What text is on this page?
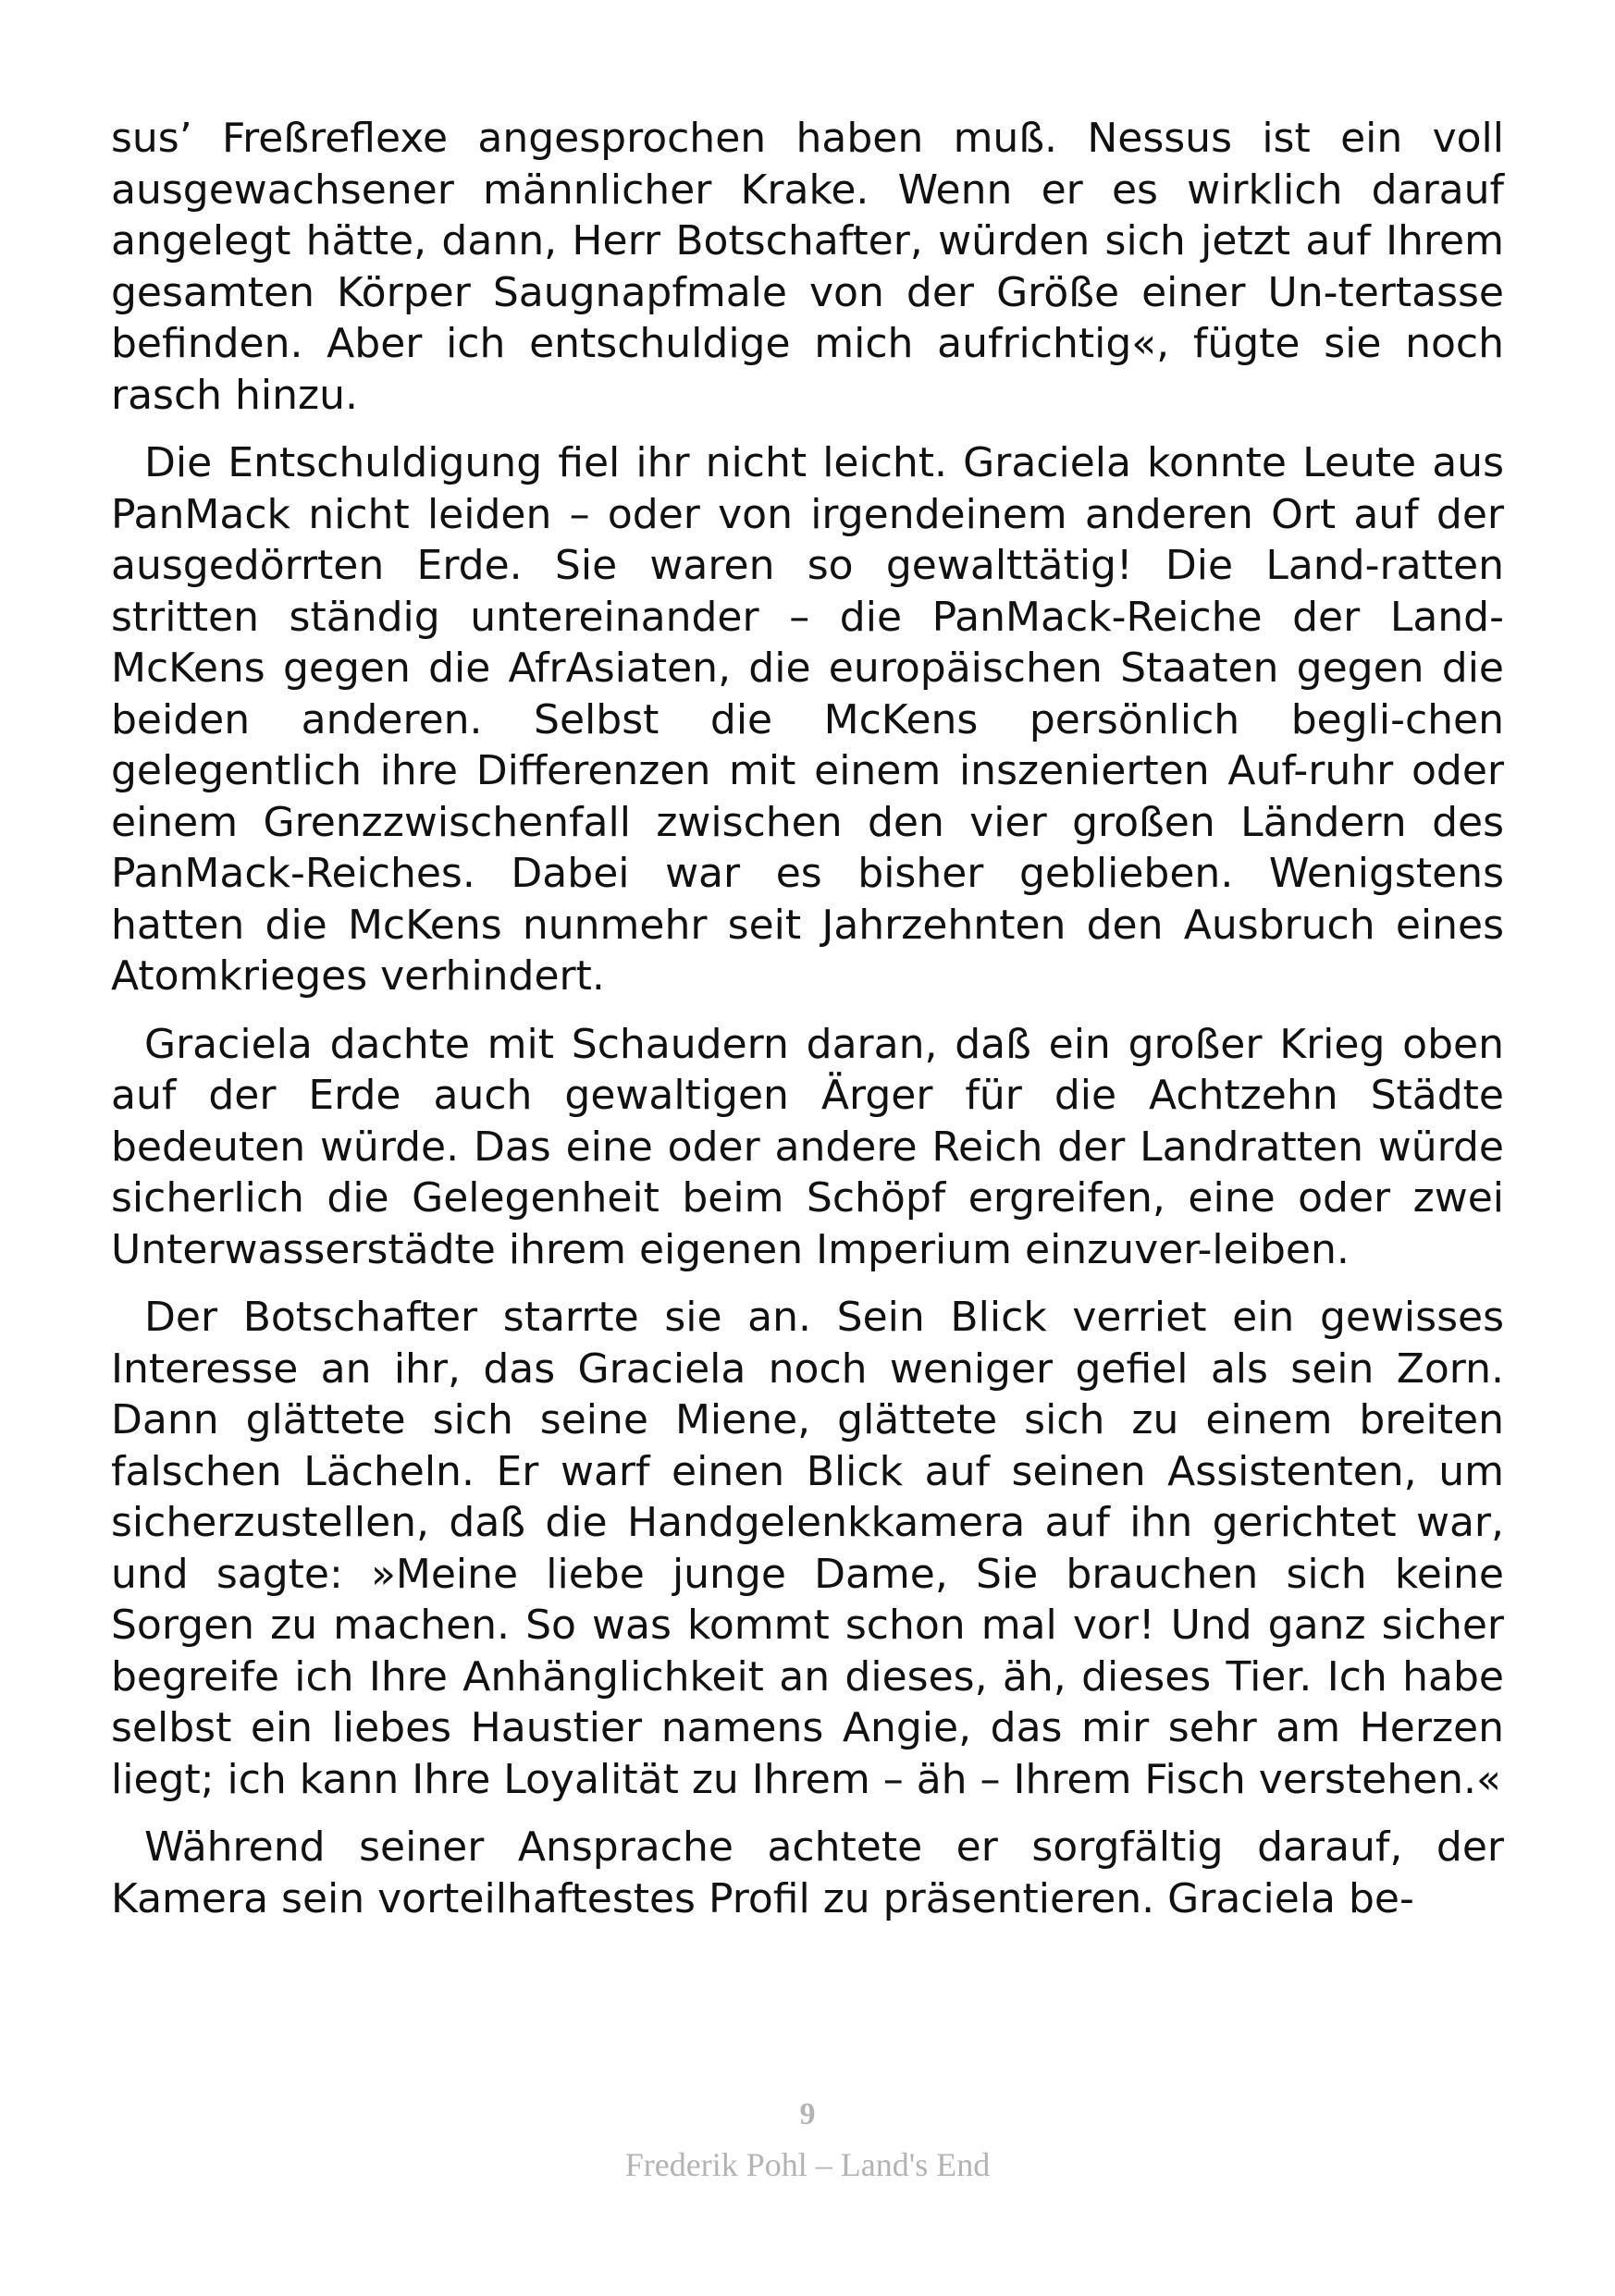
sus’ Freßreflexe angesprochen haben muß. Nessus ist ein voll ausgewachsener männlicher Krake. Wenn er es wirklich darauf angelegt hätte, dann, Herr Botschafter, würden sich jetzt auf Ihrem gesamten Körper Saugnapfmale von der Größe einer Un-tertasse befinden. Aber ich entschuldige mich aufrichtig«, fügte sie noch rasch hinzu.

Die Entschuldigung fiel ihr nicht leicht. Graciela konnte Leute aus PanMack nicht leiden – oder von irgendeinem anderen Ort auf der ausgedörrten Erde. Sie waren so gewalttätig! Die Land-ratten stritten ständig untereinander – die PanMack-Reiche der Land-McKens gegen die AfrAsiaten, die europäischen Staaten gegen die beiden anderen. Selbst die McKens persönlich begli-chen gelegentlich ihre Differenzen mit einem inszenierten Auf-ruhr oder einem Grenzzwischenfall zwischen den vier großen Ländern des PanMack-Reiches. Dabei war es bisher geblieben. Wenigstens hatten die McKens nunmehr seit Jahrzehnten den Ausbruch eines Atomkrieges verhindert.

Graciela dachte mit Schaudern daran, daß ein großer Krieg oben auf der Erde auch gewaltigen Ärger für die Achtzehn Städte bedeuten würde. Das eine oder andere Reich der Landratten würde sicherlich die Gelegenheit beim Schöpf ergreifen, eine oder zwei Unterwasserstädte ihrem eigenen Imperium einzuver-leiben.

Der Botschafter starrte sie an. Sein Blick verriet ein gewisses Interesse an ihr, das Graciela noch weniger gefiel als sein Zorn. Dann glättete sich seine Miene, glättete sich zu einem breiten falschen Lächeln. Er warf einen Blick auf seinen Assistenten, um sicherzustellen, daß die Handgelenkkamera auf ihn gerichtet war, und sagte: »Meine liebe junge Dame, Sie brauchen sich keine Sorgen zu machen. So was kommt schon mal vor! Und ganz sicher begreife ich Ihre Anhänglichkeit an dieses, äh, dieses Tier. Ich habe selbst ein liebes Haustier namens Angie, das mir sehr am Herzen liegt; ich kann Ihre Loyalität zu Ihrem – äh – Ihrem Fisch verstehen.«

Während seiner Ansprache achtete er sorgfältig darauf, der Kamera sein vorteilhaftestes Profil zu präsentieren. Graciela be-

9
Frederik Pohl – Land's End
